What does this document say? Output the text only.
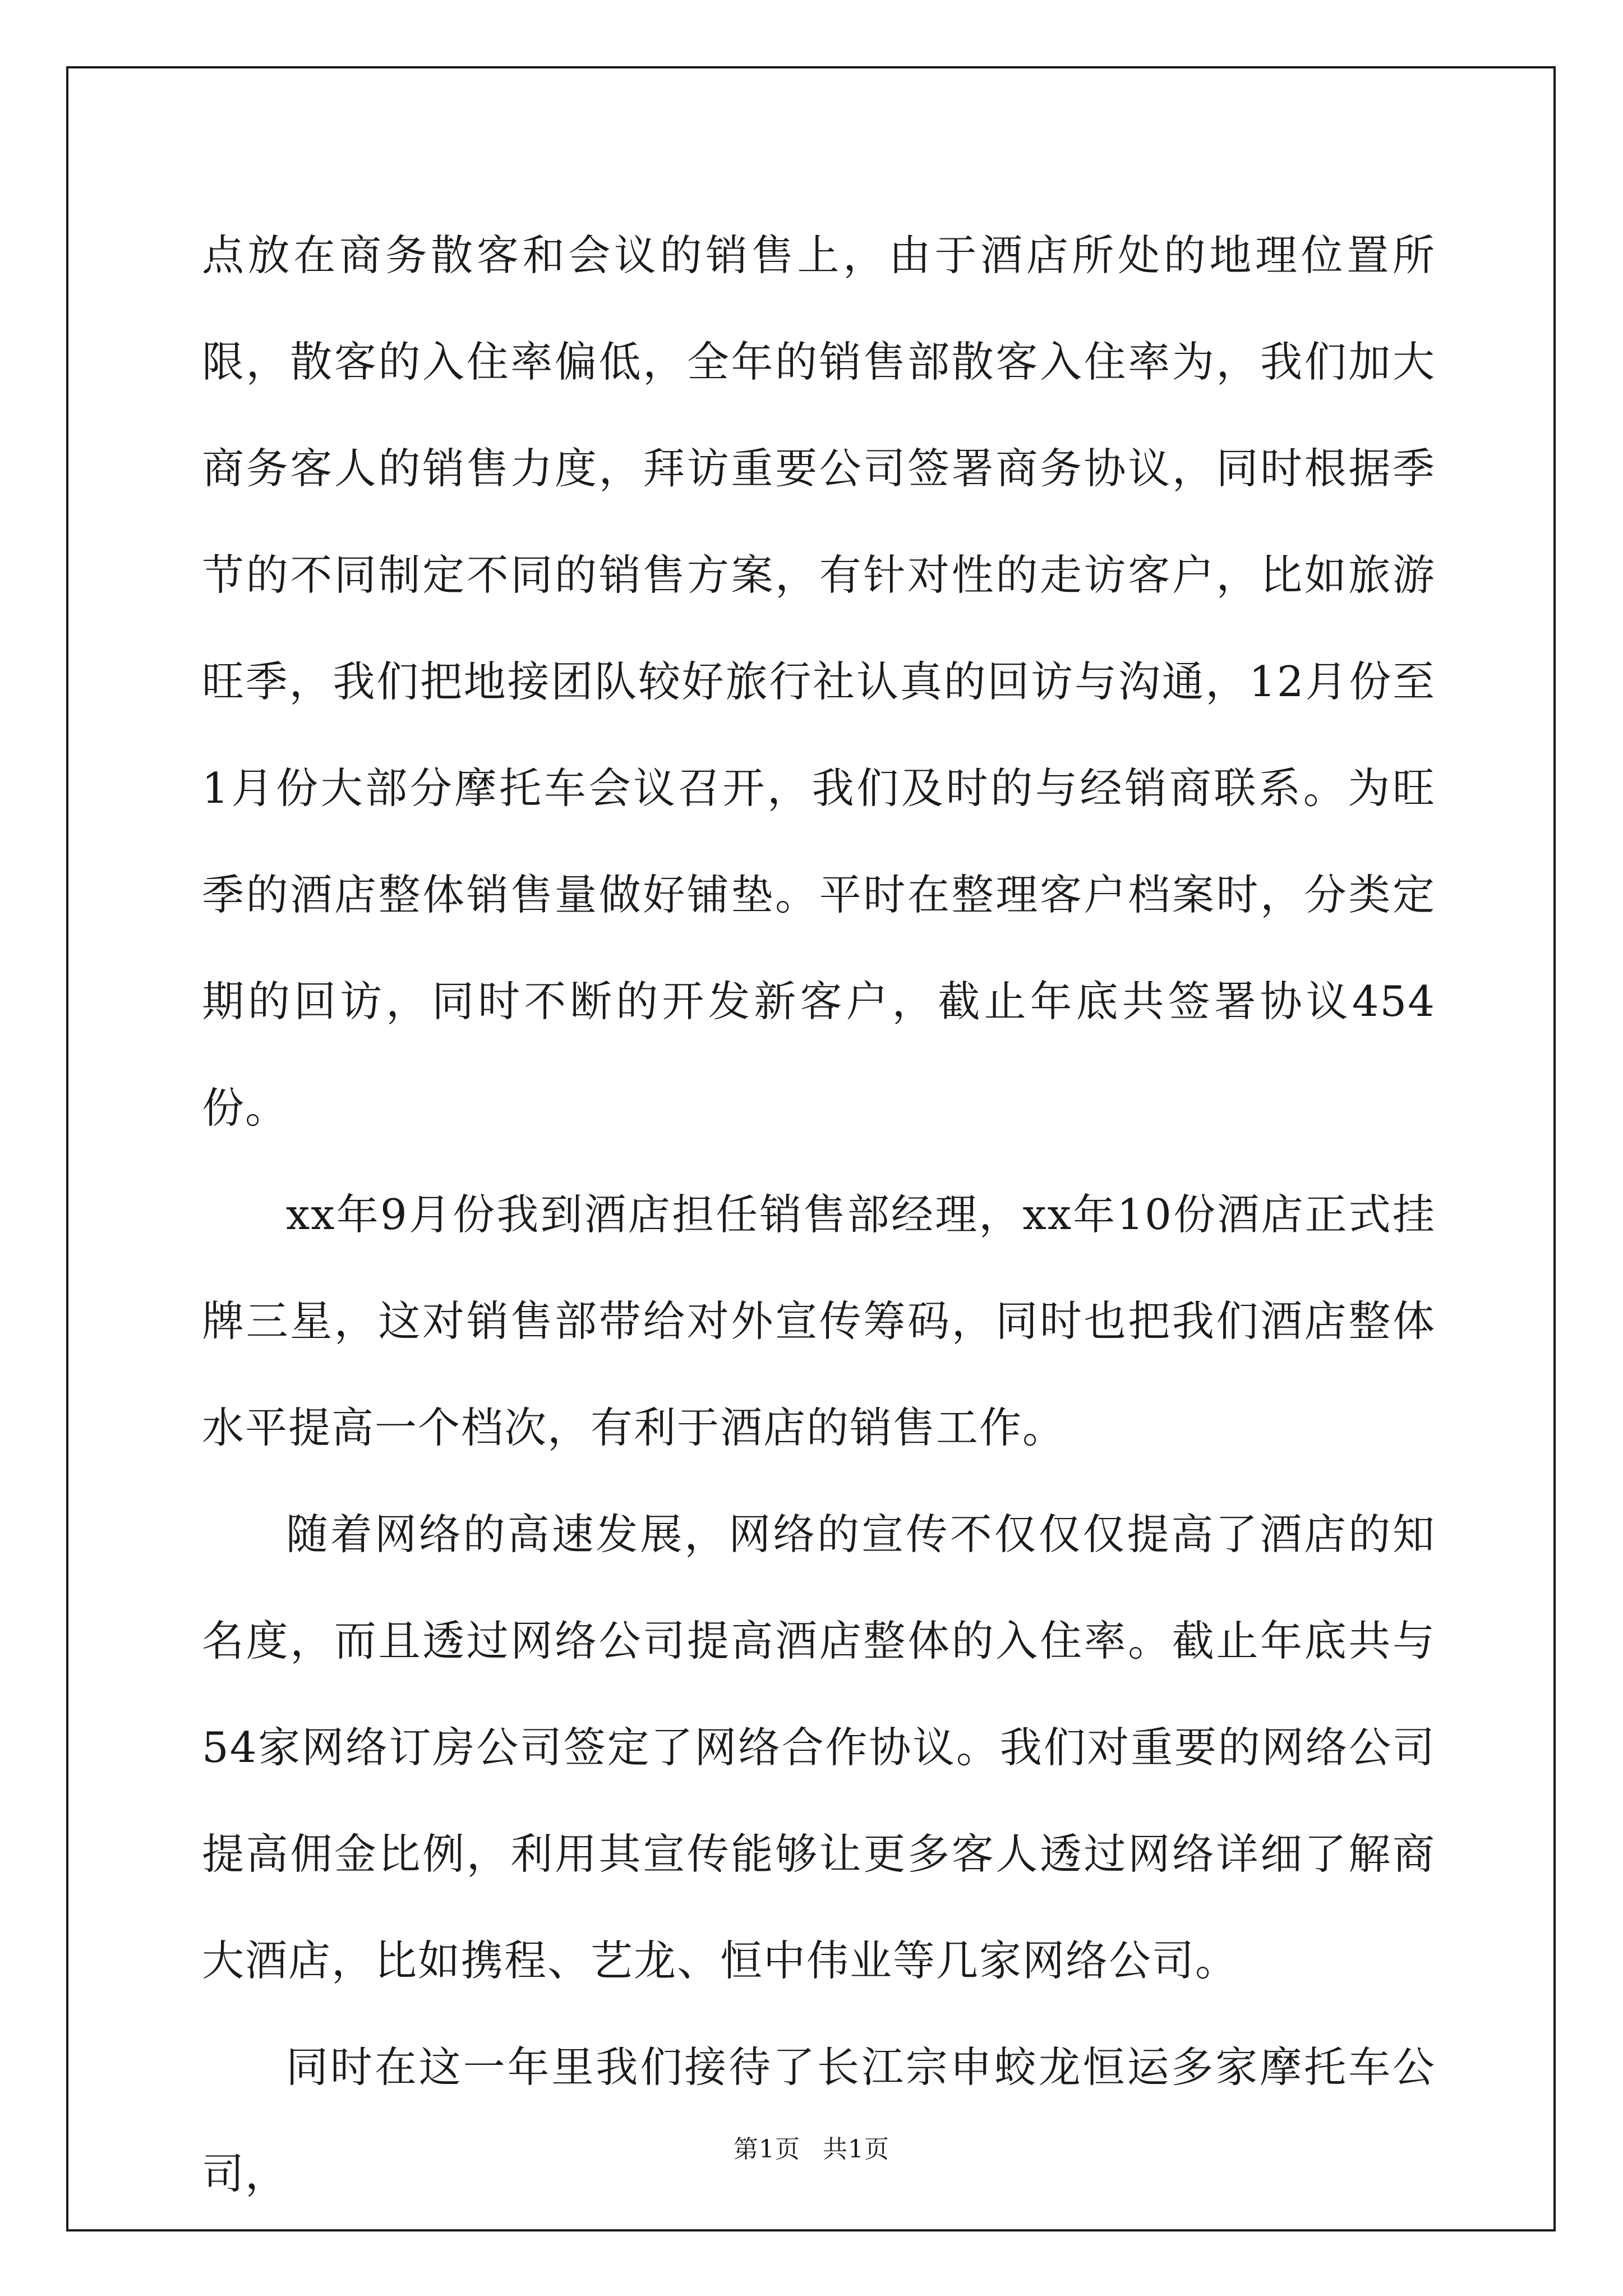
点放在商务散客和会议的销售上，由于酒店所处的地理位置所限，散客的入住率偏低，全年的销售部散客入住率为，我们加大商务客人的销售力度，拜访重要公司签署商务协议，同时根据季节的不同制定不同的销售方案，有针对性的走访客户，比如旅游旺季，我们把地接团队较好旅行社认真的回访与沟通，12月份至1月份大部分摩托车会议召开，我们及时的与经销商联系。为旺季的酒店整体销售量做好铺垫。平时在整理客户档案时，分类定期的回访，同时不断的开发新客户，截止年底共签署协议454份。

xx年9月份我到酒店担任销售部经理，xx年10份酒店正式挂牌三星，这对销售部带给对外宣传筹码，同时也把我们酒店整体水平提高一个档次，有利于酒店的销售工作。

随着网络的高速发展，网络的宣传不仅仅仅提高了酒店的知名度，而且透过网络公司提高酒店整体的入住率。截止年底共与54家网络订房公司签定了网络合作协议。我们对重要的网络公司提高佣金比例，利用其宣传能够让更多客人透过网络详细了解商大酒店，比如携程、艺龙、恒中伟业等几家网络公司。

同时在这一年里我们接待了长江宗申蛟龙恒运多家摩托车公司，	第1页 共1页
